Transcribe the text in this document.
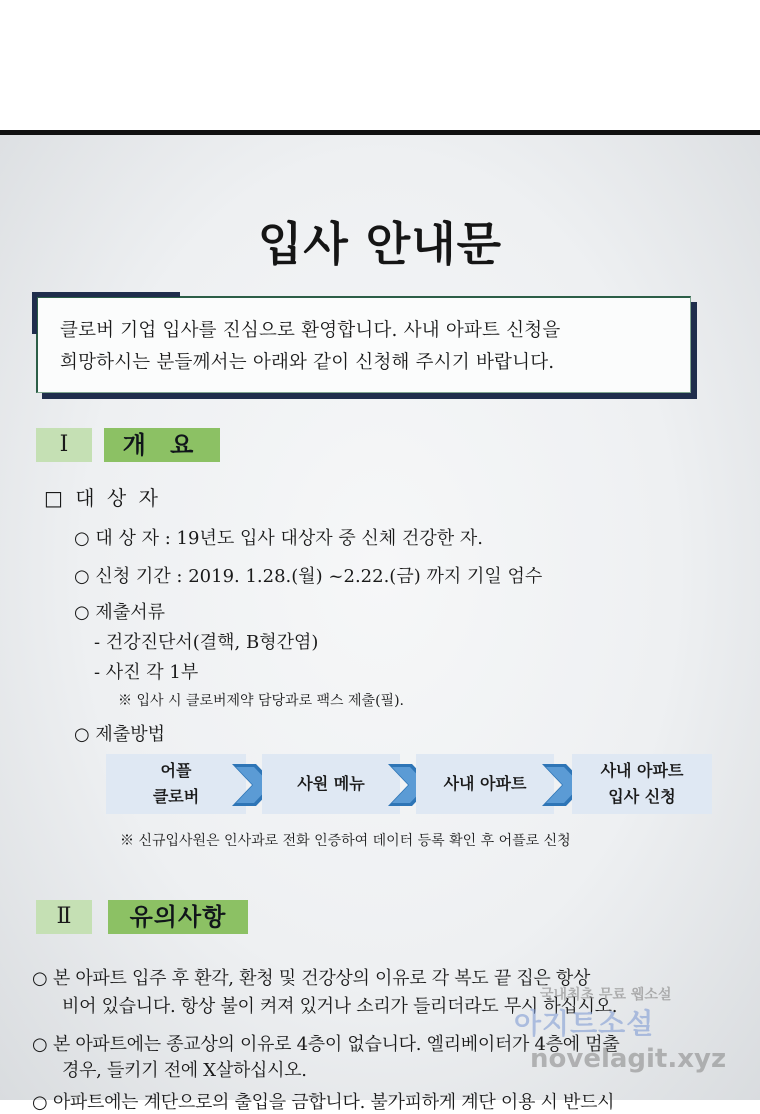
입사 안내문
클로버 기업 입사를 진심으로 환영합니다. 사내 아파트 신청을
희망하시는 분들께서는 아래와 같이 신청해 주시기 바랍니다.
Ⅰ	개 요
□ 대 상 자
○ 대 상 자 : 19년도 입사 대상자 중 신체 건강한 자.
○ 신청 기간 : 2019. 1.28.(월) ~2.22.(금) 까지 기일 엄수
○ 제출서류
- 건강진단서(결핵, B형간염)
- 사진 각 1부
※ 입사 시 클로버제약 담당과로 팩스 제출(필).
○ 제출방법
어플
클로버
사원 메뉴	사내 아파트
사내 아파트
입사 신청
※ 신규입사원은 인사과로 전화 인증하여 데이터 등록 확인 후 어플로 신청
Ⅱ	유의사항
○ 본 아파트 입주 후 환각, 환청 및 건강상의 이유로 각 복도 끝 집은 항상
비어 있습니다. 항상 불이 켜져 있거나 소리가 들리더라도 무시 하십시오.
○ 본 아파트에는 종교상의 이유로 4층이 없습니다. 엘리베이터가 4층에 멈출
경우, 들키기 전에 X살하십시오.
○ 아파트에는 계단으로의 출입을 금합니다. 불가피하게 계단 이용 시 반드시
국내최초 무료 웹소설
아지트소설
novelagit.xyz
